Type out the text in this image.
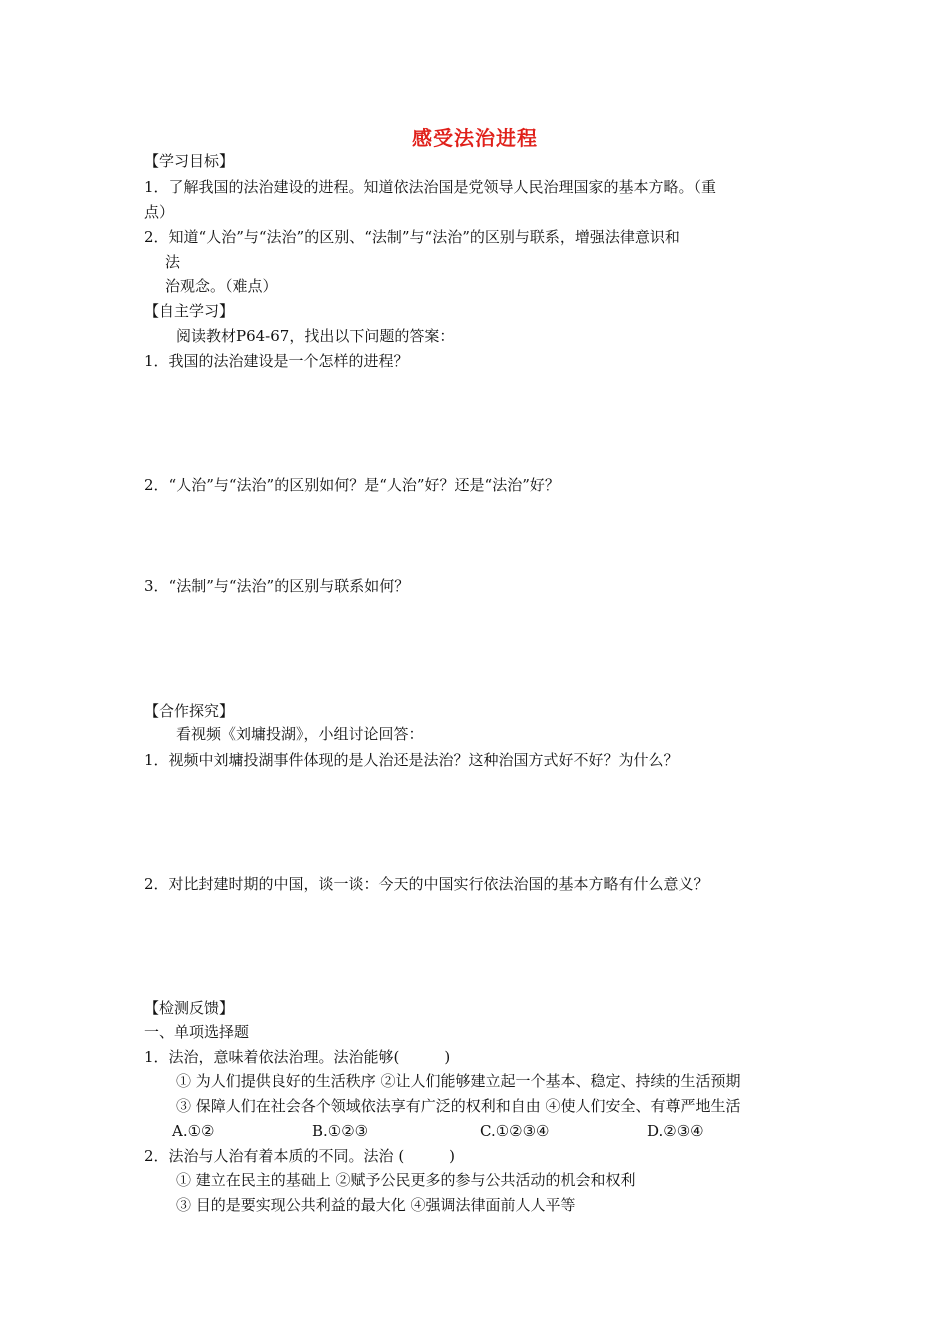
感受法治进程
【学习目标】
1．了解我国的法治建设的进程。知道依法治国是党领导人民治理国家的基本方略。（重
点）
2．知道“人治”与“法治”的区别、“法制”与“法治”的区别与联系，增强法律意识和
法
治观念。（难点）
【自主学习】
阅读教材P64-67，找出以下问题的答案：
1．我国的法治建设是一个怎样的进程？
2．“人治”与“法治”的区别如何？是“人治”好？还是“法治”好？
3．“法制”与“法治”的区别与联系如何？
【合作探究】
看视频《刘墉投湖》，小组讨论回答：
1．视频中刘墉投湖事件体现的是人治还是法治？这种治国方式好不好？为什么？
2．对比封建时期的中国，谈一谈：今天的中国实行依法治国的基本方略有什么意义？
【检测反馈】
一、单项选择题
1．法治，意味着依法治理。法治能够(　　　)
① 为人们提供良好的生活秩序 ②让人们能够建立起一个基本、稳定、持续的生活预期
③ 保障人们在社会各个领域依法享有广泛的权利和自由 ④使人们安全、有尊严地生活
A.①②	B.①②③	C.①②③④	D.②③④
2．法治与人治有着本质的不同。法治 (　　　)
① 建立在民主的基础上 ②赋予公民更多的参与公共活动的机会和权利
③ 目的是要实现公共利益的最大化 ④强调法律面前人人平等
